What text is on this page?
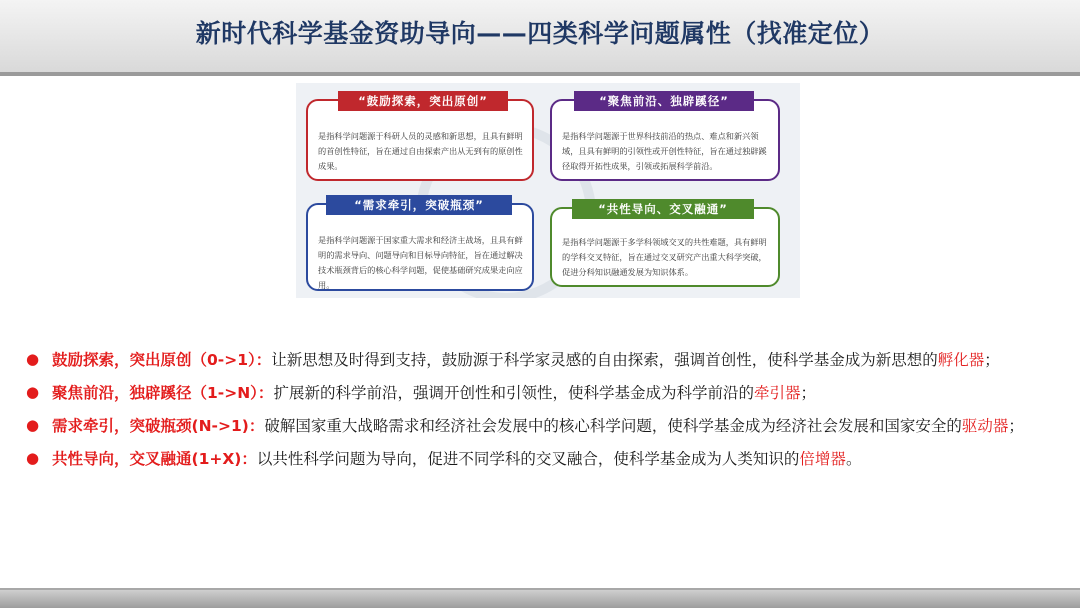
新时代科学基金资助导向——四类科学问题属性（找准定位）
“鼓励探索，突出原创”
是指科学问题源于科研人员的灵感和新思想，且具有鲜明的首创性特征，旨在通过自由探索产出从无到有的原创性成果。
“聚焦前沿、独辟蹊径”
是指科学问题源于世界科技前沿的热点、难点和新兴领域，且具有鲜明的引领性或开创性特征，旨在通过独辟蹊径取得开拓性成果，引领或拓展科学前沿。
“需求牵引，突破瓶颈”
是指科学问题源于国家重大需求和经济主战场，且具有鲜明的需求导向、问题导向和目标导向特征，旨在通过解决技术瓶颈背后的核心科学问题，促使基础研究成果走向应用。
“共性导向、交叉融通”
是指科学问题源于多学科领域交叉的共性难题，具有鲜明的学科交叉特征，旨在通过交叉研究产出重大科学突破，促进分科知识融通发展为知识体系。
● 鼓励探索，突出原创（0->1）：让新思想及时得到支持，鼓励源于科学家灵感的自由探索，强调首创性，使科学基金成为新思想的孵化器；
● 聚焦前沿，独辟蹊径（1->N）：扩展新的科学前沿，强调开创性和引领性，使科学基金成为科学前沿的牵引器；
● 需求牵引，突破瓶颈(N->1)：破解国家重大战略需求和经济社会发展中的核心科学问题，使科学基金成为经济社会发展和国家安全的驱动器；
● 共性导向，交叉融通(1+X)：以共性科学问题为导向，促进不同学科的交叉融合，使科学基金成为人类知识的倍增器。
